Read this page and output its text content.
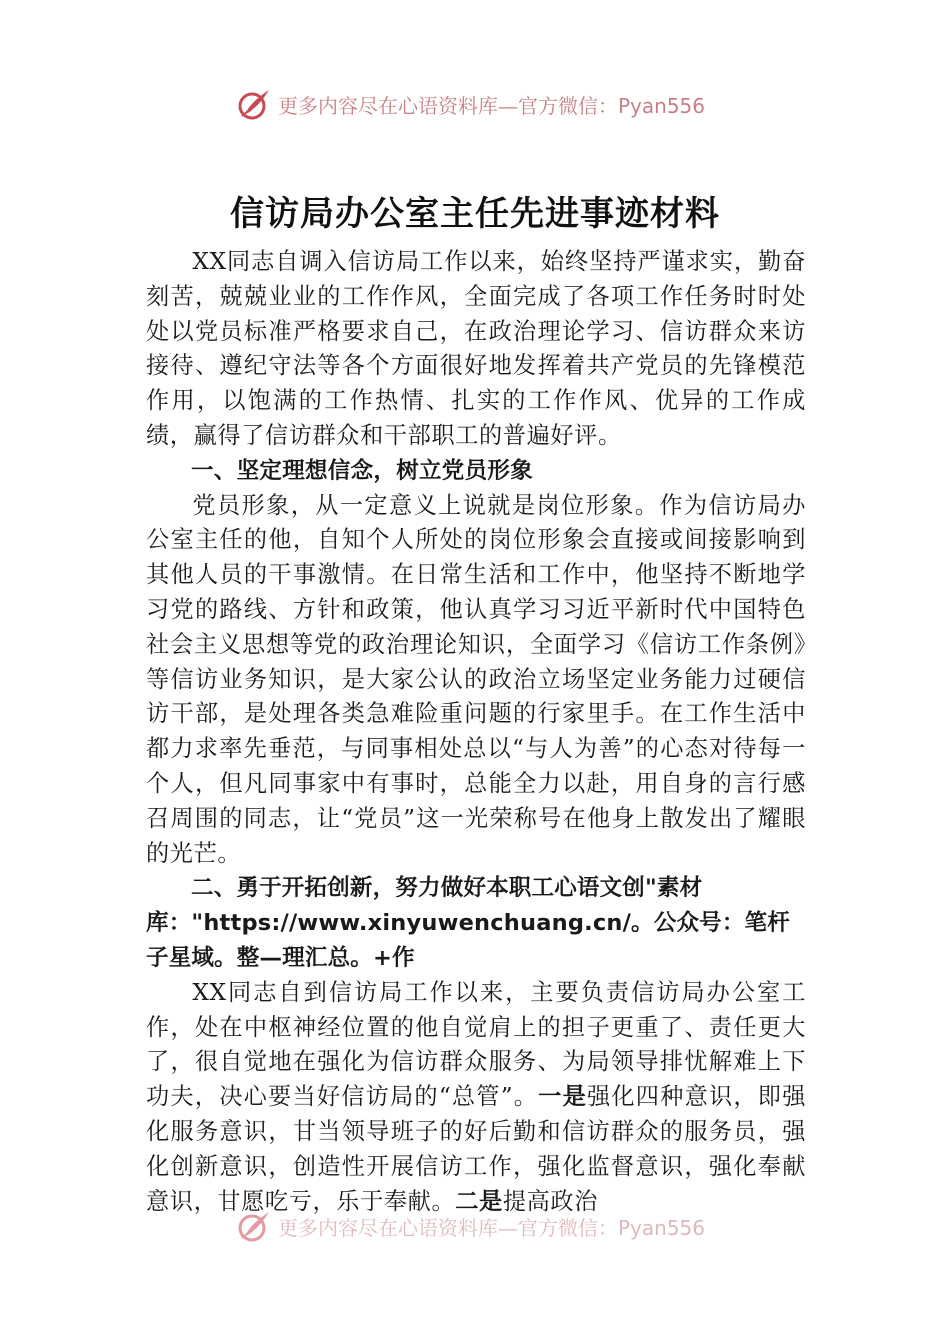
更多内容尽在心语资料库—官方微信：Pyan556
信访局办公室主任先进事迹材料

XX同志自调入信访局工作以来，始终坚持严谨求实，勤奋刻苦，兢兢业业的工作作风，全面完成了各项工作任务时时处处以党员标准严格要求自己，在政治理论学习、信访群众来访接待、遵纪守法等各个方面很好地发挥着共产党员的先锋模范作用，以饱满的工作热情、扎实的工作作风、优异的工作成绩，赢得了信访群众和干部职工的普遍好评。

一、坚定理想信念，树立党员形象

党员形象，从一定意义上说就是岗位形象。作为信访局办公室主任的他，自知个人所处的岗位形象会直接或间接影响到其他人员的干事激情。在日常生活和工作中，他坚持不断地学习党的路线、方针和政策，他认真学习习近平新时代中国特色社会主义思想等党的政治理论知识，全面学习《信访工作条例》等信访业务知识，是大家公认的政治立场坚定业务能力过硬信访干部，是处理各类急难险重问题的行家里手。在工作生活中都力求率先垂范，与同事相处总以“与人为善”的心态对待每一个人，但凡同事家中有事时，总能全力以赴，用自身的言行感召周围的同志，让“党员”这一光荣称号在他身上散发出了耀眼的光芒。

二、勇于开拓创新，努力做好本职工心语文创"素材库："https://www.xinyuwenchuang.cn/。公众号：笔杆子星域。整—理汇总。+作

XX同志自到信访局工作以来，主要负责信访局办公室工作，处在中枢神经位置的他自觉肩上的担子更重了、责任更大了，很自觉地在强化为信访群众服务、为局领导排忧解难上下功夫，决心要当好信访局的“总管”。一是强化四种意识，即强化服务意识，甘当领导班子的好后勤和信访群众的服务员，强化创新意识，创造性开展信访工作，强化监督意识，强化奉献意识，甘愿吃亏，乐于奉献。二是提高政治

更多内容尽在心语资料库—官方微信：Pyan556
